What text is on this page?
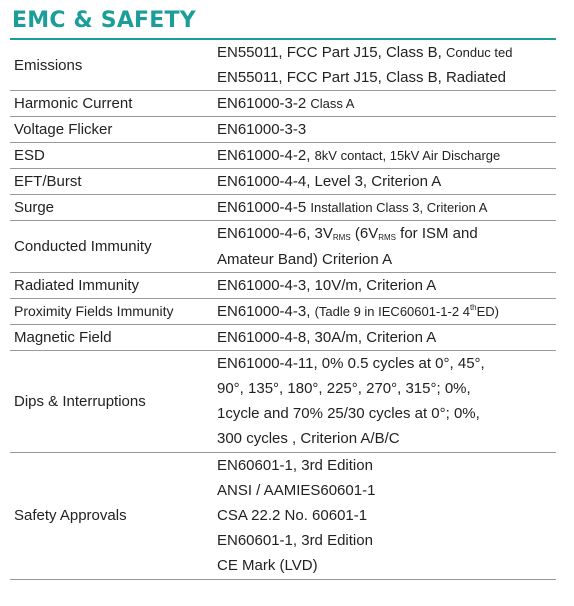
EMC & SAFETY
Emissions	EN55011, FCC Part J15, Class B, Conduc ted
EN55011, FCC Part J15, Class B, Radiated

Harmonic Current	EN61000-3-2 Class A
Voltage Flicker	EN61000-3-3
ESD	EN61000-4-2, 8kV contact, 15kV Air Discharge
EFT/Burst	EN61000-4-4, Level 3, Criterion A
Surge	EN61000-4-5 Installation Class 3, Criterion A
Conducted Immunity	EN61000-4-6, $3V_{RMS}$ ($6V_{RMS}$ for ISM and
Amateur Band) Criterion A

Radiated Immunity	EN61000-4-3, 10V/m, Criterion A
Proximity Fields Immunity	EN61000-4-3, (Tadle 9 in IEC60601-1-2 4thED)
Magnetic Field	EN61000-4-8, 30A/m, Criterion A
Dips & Interruptions	EN61000-4-11, 0% 0.5 cycles at 0°, 45°,
90°, 135°, 180°, 225°, 270°, 315°; 0%,
1cycle and 70% 25/30 cycles at 0°; 0%,
300 cycles , Criterion A/B/C

Safety Approvals	EN60601-1, 3rd Edition
ANSI / AAMIES60601-1
CSA 22.2 No. 60601-1
EN60601-1, 3rd Edition
CE Mark (LVD)
